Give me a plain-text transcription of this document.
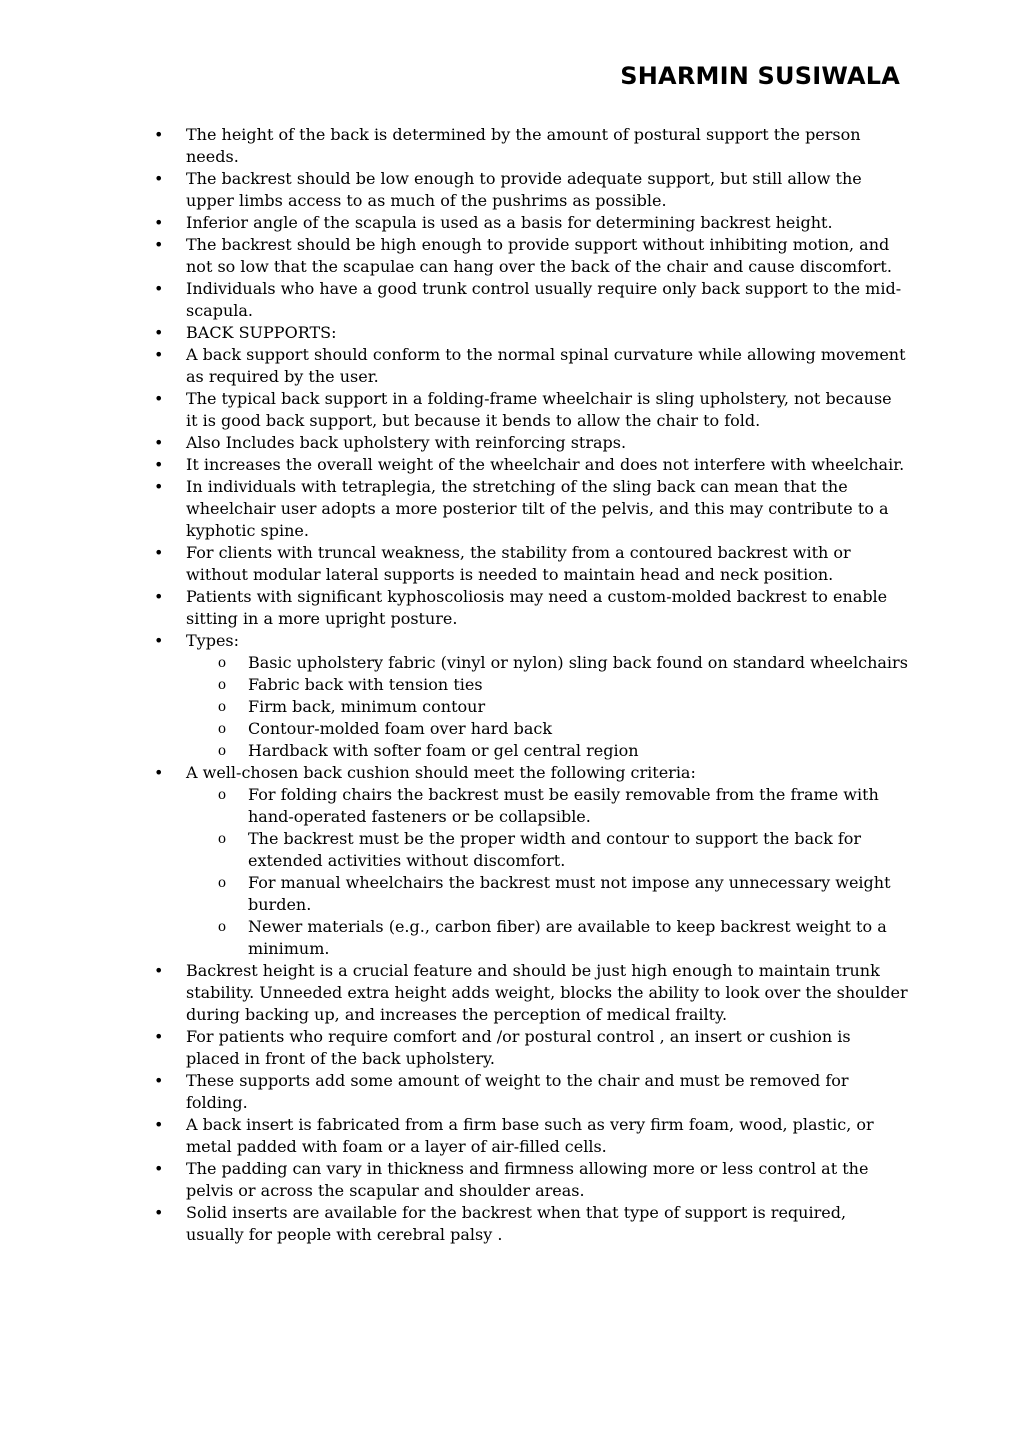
SHARMIN SUSIWALA
• The height of the back is determined by the amount of postural support the person needs.
• The backrest should be low enough to provide adequate support, but still allow the upper limbs access to as much of the pushrims as possible.
• Inferior angle of the scapula is used as a basis for determining backrest height.
• The backrest should be high enough to provide support without inhibiting motion, and not so low that the scapulae can hang over the back of the chair and cause discomfort.
• Individuals who have a good trunk control usually require only back support to the mid-scapula.
• BACK SUPPORTS:
• A back support should conform to the normal spinal curvature while allowing movement as required by the user.
• The typical back support in a folding-frame wheelchair is sling upholstery, not because it is good back support, but because it bends to allow the chair to fold.
• Also Includes back upholstery with reinforcing straps.
• It increases the overall weight of the wheelchair and does not interfere with wheelchair.
• In individuals with tetraplegia, the stretching of the sling back can mean that the wheelchair user adopts a more posterior tilt of the pelvis, and this may contribute to a kyphotic spine.
• For clients with truncal weakness, the stability from a contoured backrest with or without modular lateral supports is needed to maintain head and neck position.
• Patients with significant kyphoscoliosis may need a custom-molded backrest to enable sitting in a more upright posture.
• Types:
o Basic upholstery fabric (vinyl or nylon) sling back found on standard wheelchairs
o Fabric back with tension ties
o Firm back, minimum contour
o Contour-molded foam over hard back
o Hardback with softer foam or gel central region
• A well-chosen back cushion should meet the following criteria:
o For folding chairs the backrest must be easily removable from the frame with hand-operated fasteners or be collapsible.
o The backrest must be the proper width and contour to support the back for extended activities without discomfort.
o For manual wheelchairs the backrest must not impose any unnecessary weight burden.
o Newer materials (e.g., carbon fiber) are available to keep backrest weight to a minimum.
• Backrest height is a crucial feature and should be just high enough to maintain trunk stability. Unneeded extra height adds weight, blocks the ability to look over the shoulder during backing up, and increases the perception of medical frailty.
• For patients who require comfort and /or postural control , an insert or cushion is placed in front of the back upholstery.
• These supports add some amount of weight to the chair and must be removed for folding.
• A back insert is fabricated from a firm base such as very firm foam, wood, plastic, or metal padded with foam or a layer of air-filled cells.
• The padding can vary in thickness and firmness allowing more or less control at the pelvis or across the scapular and shoulder areas.
• Solid inserts are available for the backrest when that type of support is required, usually for people with cerebral palsy .
